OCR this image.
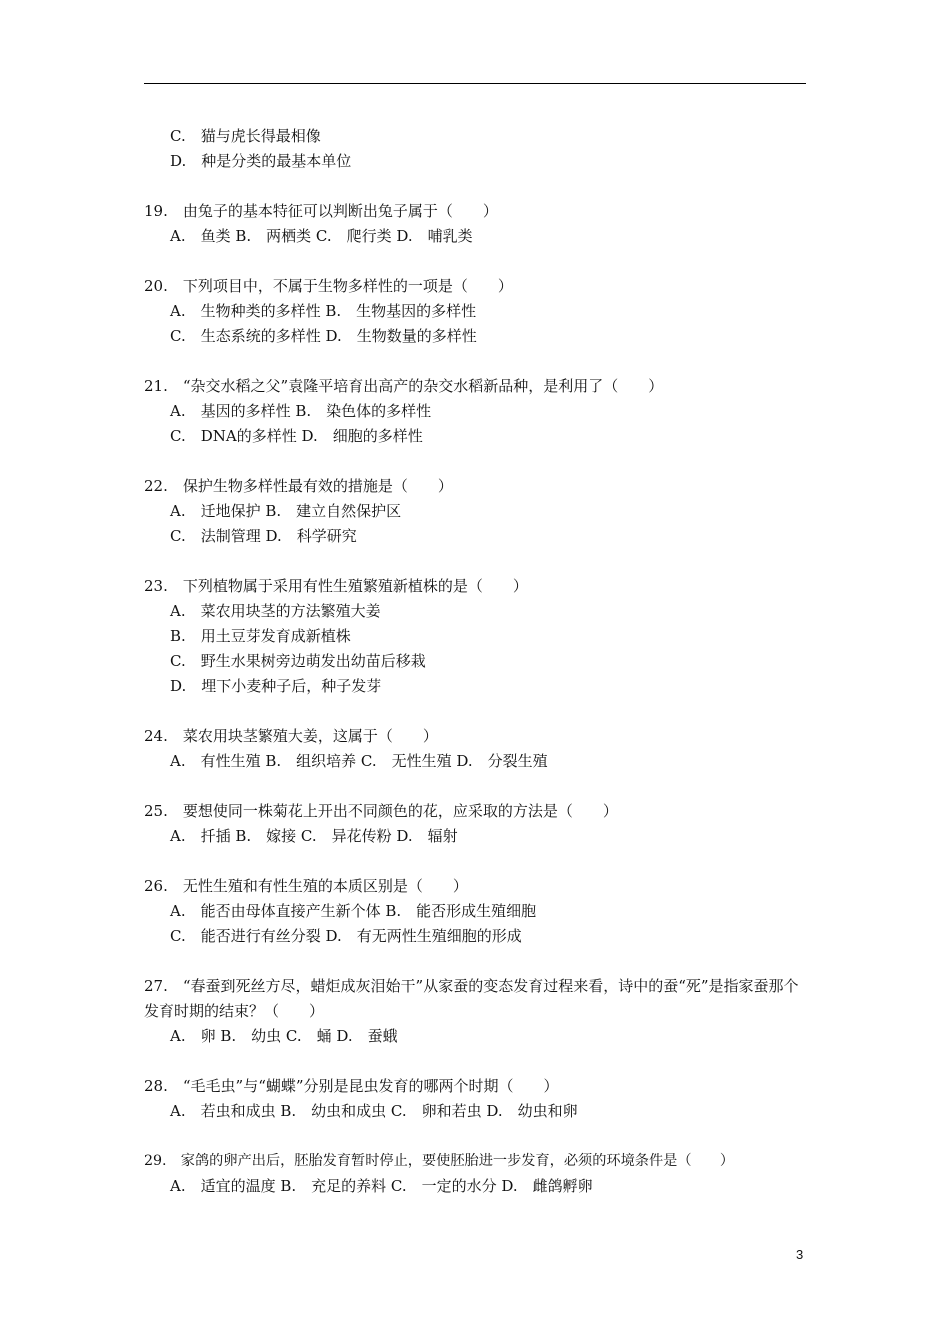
C.　猫与虎长得最相像
D.　种是分类的最基本单位
19.　由兔子的基本特征可以判断出兔子属于（　　）
A.　鱼类 B.　两栖类 C.　爬行类 D.　哺乳类
20.　下列项目中，不属于生物多样性的一项是（　　）
A.　生物种类的多样性 B.　生物基因的多样性
C.　生态系统的多样性 D.　生物数量的多样性
21.　“杂交水稻之父”袁隆平培育出高产的杂交水稻新品种，是利用了（　　）
A.　基因的多样性 B.　染色体的多样性
C.　DNA的多样性 D.　细胞的多样性
22.　保护生物多样性最有效的措施是（　　）
A.　迁地保护 B.　建立自然保护区
C.　法制管理 D.　科学研究
23.　下列植物属于采用有性生殖繁殖新植株的是（　　）
A.　菜农用块茎的方法繁殖大姜
B.　用土豆芽发育成新植株
C.　野生水果树旁边萌发出幼苗后移栽
D.　埋下小麦种子后，种子发芽
24.　菜农用块茎繁殖大姜，这属于（　　）
A.　有性生殖 B.　组织培养 C.　无性生殖 D.　分裂生殖
25.　要想使同一株菊花上开出不同颜色的花，应采取的方法是（　　）
A.　扦插 B.　嫁接 C.　异花传粉 D.　辐射
26.　无性生殖和有性生殖的本质区别是（　　）
A.　能否由母体直接产生新个体 B.　能否形成生殖细胞
C.　能否进行有丝分裂 D.　有无两性生殖细胞的形成
27.　“春蚕到死丝方尽，蜡炬成灰泪始干”从家蚕的变态发育过程来看，诗中的蚕“死”是指家蚕那个发育时期的结束？（　　）
A.　卵 B.　幼虫 C.　蛹 D.　蚕蛾
28.　“毛毛虫”与“蝴蝶”分别是昆虫发育的哪两个时期（　　）
A.　若虫和成虫 B.　幼虫和成虫 C.　卵和若虫 D.　幼虫和卵
29.　家鸽的卵产出后，胚胎发育暂时停止，要使胚胎进一步发育，必须的环境条件是（　　）
A.　适宜的温度 B.　充足的养料 C.　一定的水分 D.　雌鸽孵卵
3
